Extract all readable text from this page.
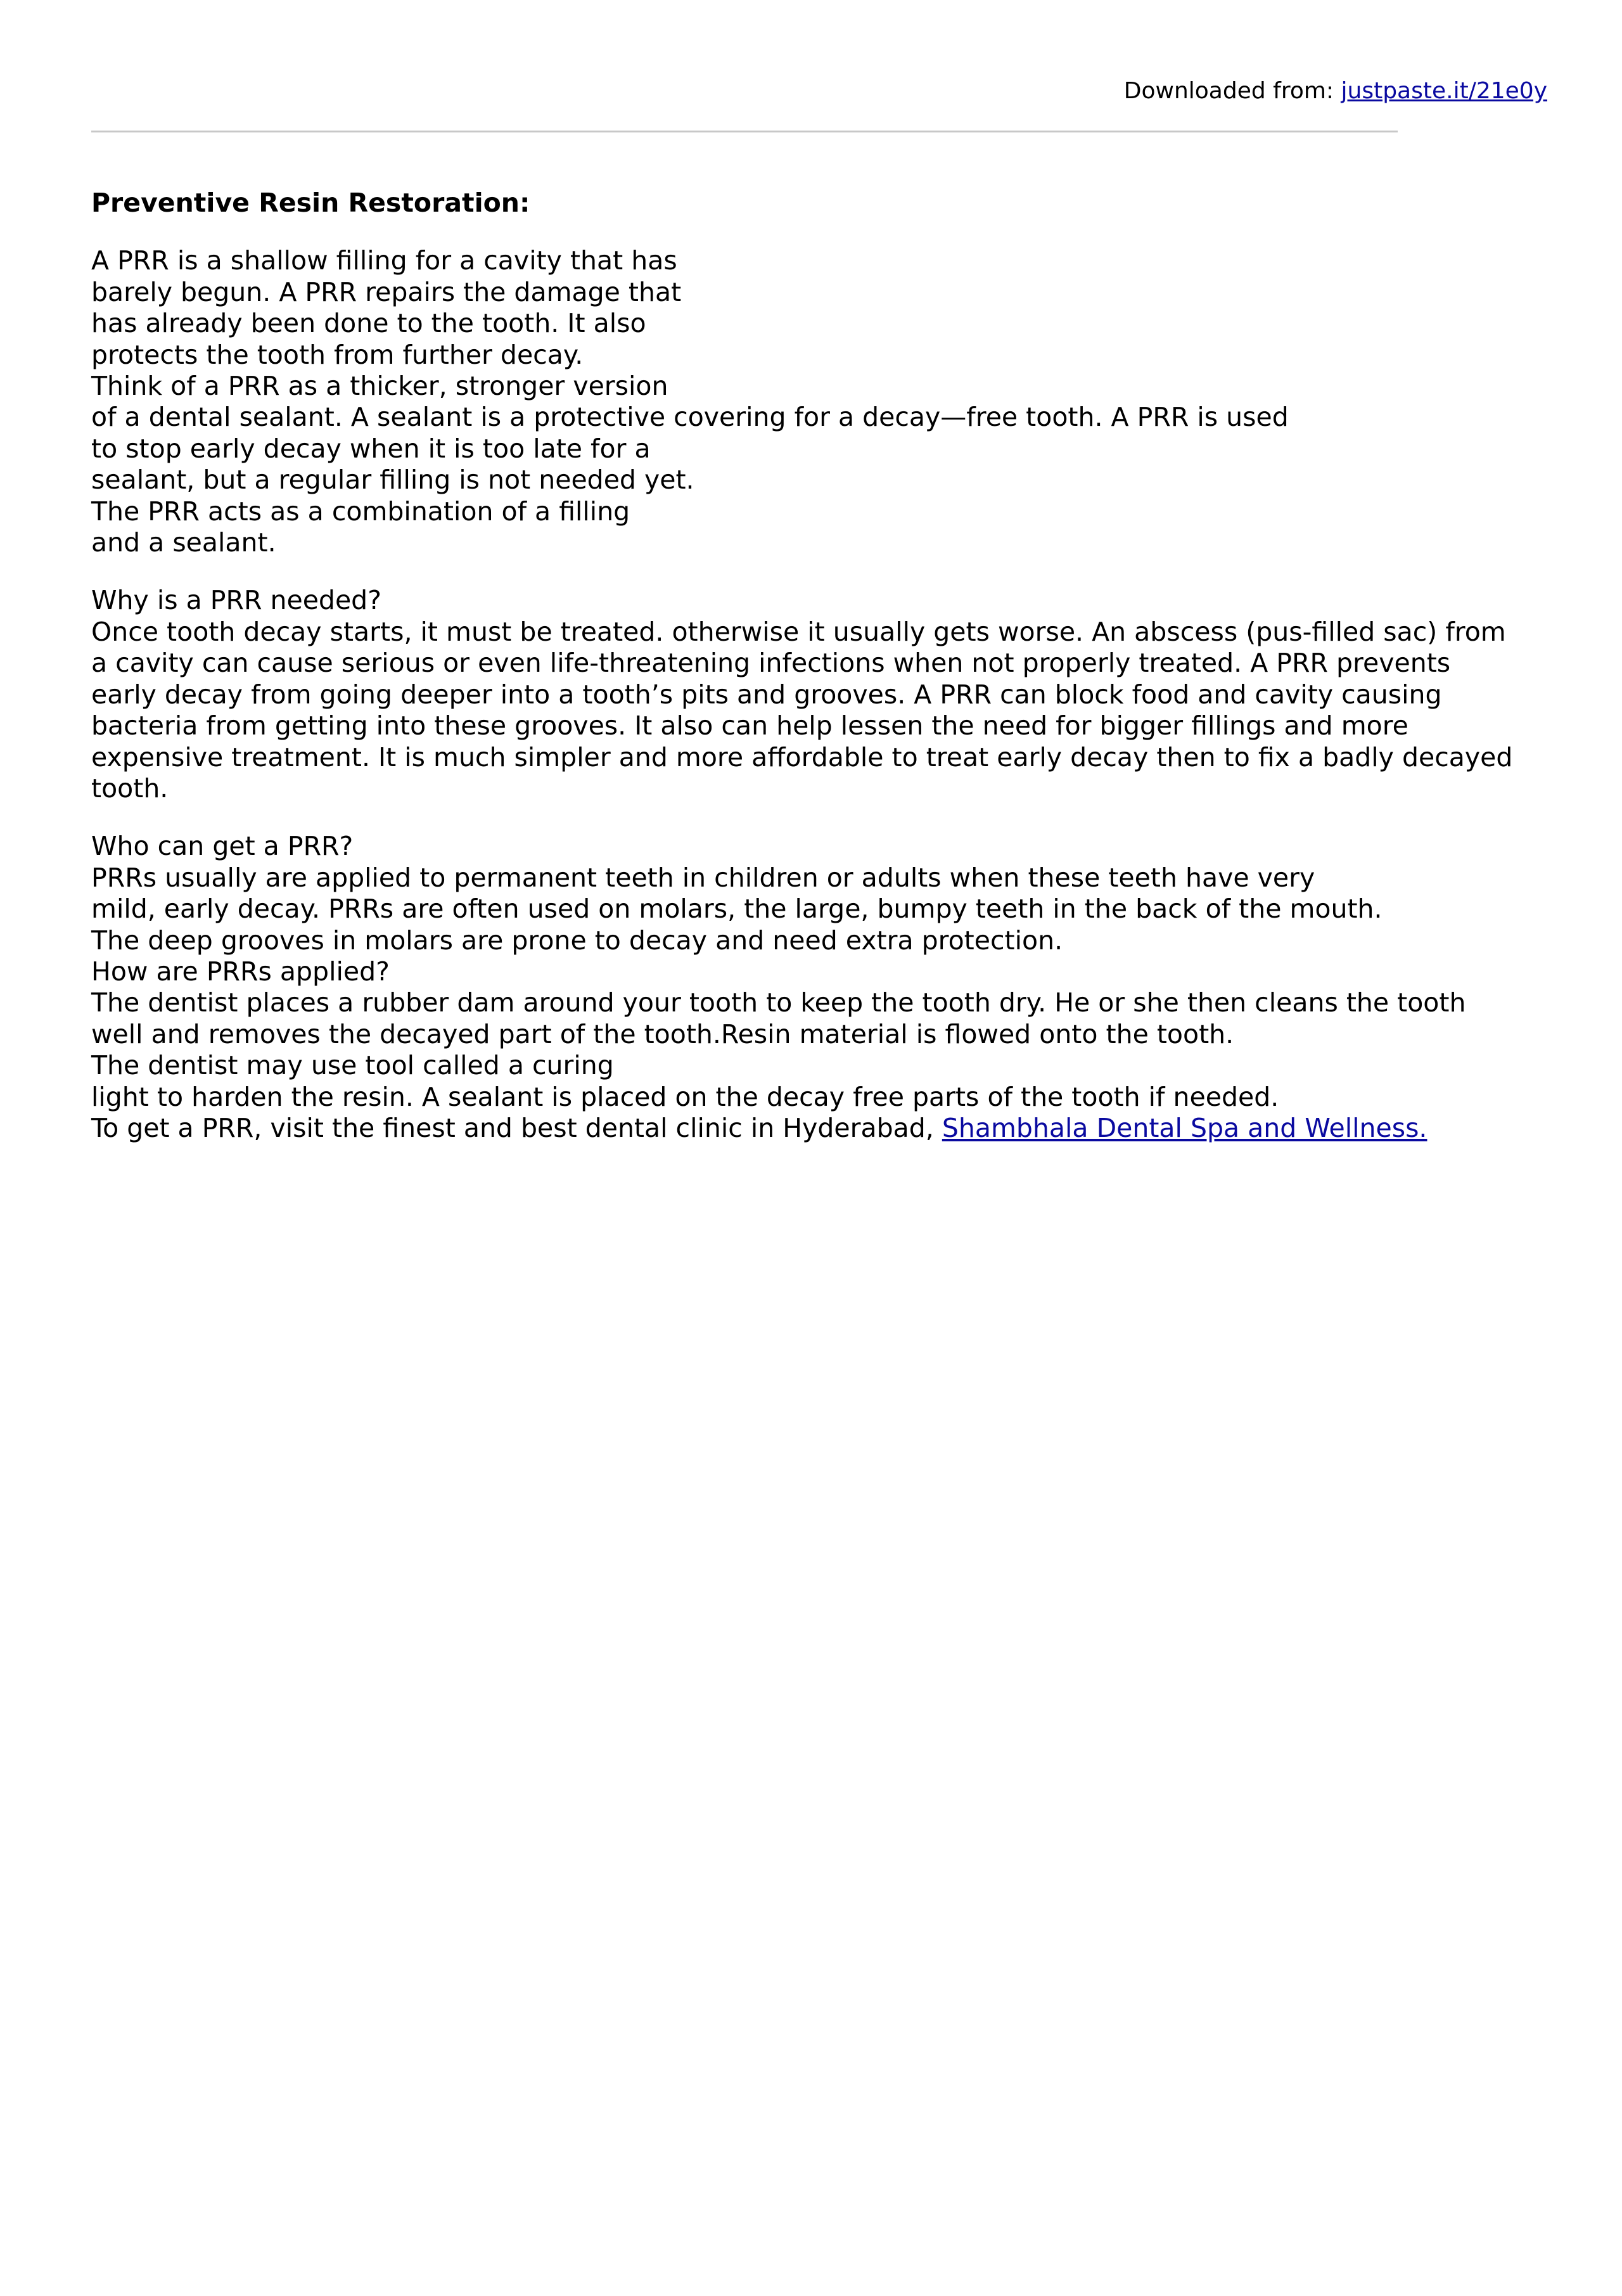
Downloaded from: justpaste.it/21e0y
Preventive Resin Restoration:
A PRR is a shallow filling for a cavity that has
barely begun. A PRR repairs the damage that
has already been done to the tooth. It also
protects the tooth from further decay.
Think of a PRR as a thicker, stronger version
of a dental sealant. A sealant is a protective covering for a decay—free tooth. A PRR is used
to stop early decay when it is too late for a
sealant, but a regular filling is not needed yet.
The PRR acts as a combination of a filling
and a sealant.
Why is a PRR needed?
Once tooth decay starts, it must be treated. otherwise it usually gets worse. An abscess (pus-filled sac) from
a cavity can cause serious or even life-threatening infections when not properly treated. A PRR prevents
early decay from going deeper into a tooth’s pits and grooves. A PRR can block food and cavity causing
bacteria from getting into these grooves. It also can help lessen the need for bigger fillings and more
expensive treatment. It is much simpler and more affordable to treat early decay then to fix a badly decayed
tooth.
Who can get a PRR?
PRRs usually are applied to permanent teeth in children or adults when these teeth have very
mild, early decay. PRRs are often used on molars, the large, bumpy teeth in the back of the mouth.
The deep grooves in molars are prone to decay and need extra protection.
How are PRRs applied?
The dentist places a rubber dam around your tooth to keep the tooth dry. He or she then cleans the tooth
well and removes the decayed part of the tooth.Resin material is flowed onto the tooth.
The dentist may use tool called a curing
light to harden the resin. A sealant is placed on the decay free parts of the tooth if needed.
To get a PRR, visit the finest and best dental clinic in Hyderabad, Shambhala Dental Spa and Wellness.
